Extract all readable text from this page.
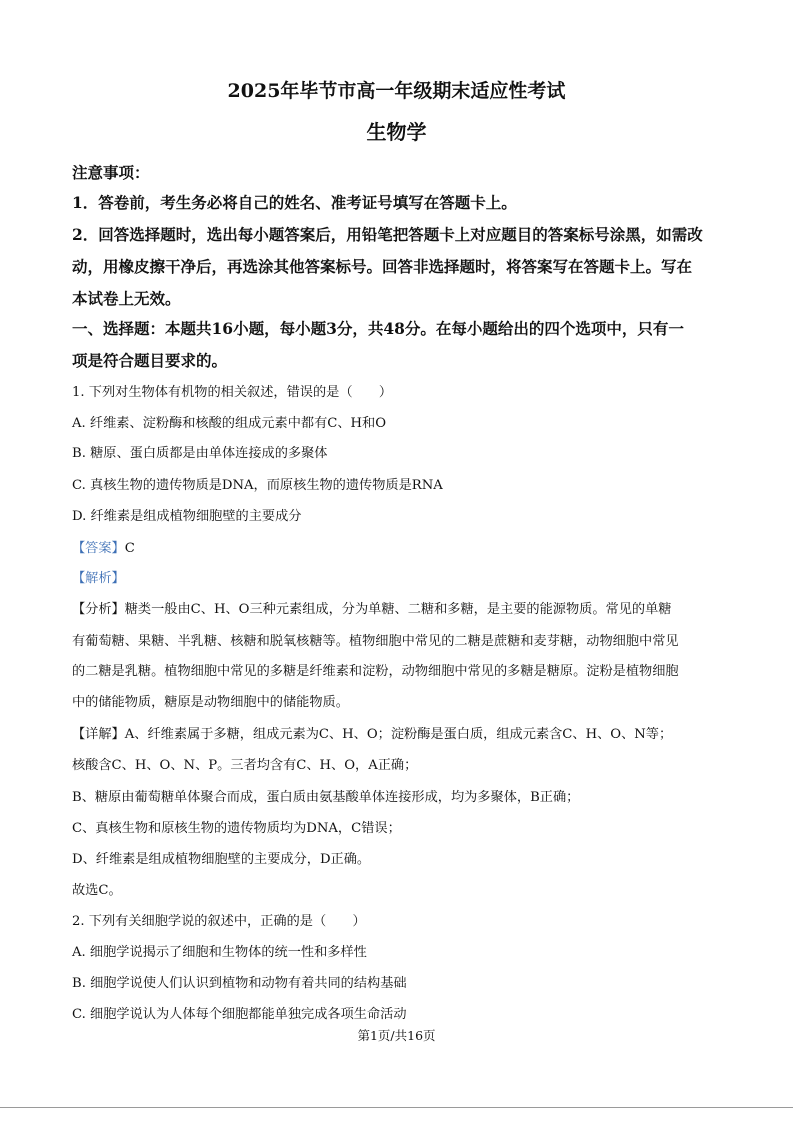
2025年毕节市高一年级期末适应性考试
生物学
注意事项：
1．答卷前，考生务必将自己的姓名、准考证号填写在答题卡上。
2．回答选择题时，选出每小题答案后，用铅笔把答题卡上对应题目的答案标号涂黑，如需改
动，用橡皮擦干净后，再选涂其他答案标号。回答非选择题时，将答案写在答题卡上。写在
本试卷上无效。
一、选择题：本题共16小题，每小题3分，共48分。在每小题给出的四个选项中，只有一
项是符合题目要求的。
1. 下列对生物体有机物的相关叙述，错误的是（　　）
A. 纤维素、淀粉酶和核酸的组成元素中都有C、H和O
B. 糖原、蛋白质都是由单体连接成的多聚体
C. 真核生物的遗传物质是DNA，而原核生物的遗传物质是RNA
D. 纤维素是组成植物细胞壁的主要成分
【答案】C
【解析】
【分析】糖类一般由C、H、O三种元素组成，分为单糖、二糖和多糖，是主要的能源物质。常见的单糖
有葡萄糖、果糖、半乳糖、核糖和脱氧核糖等。植物细胞中常见的二糖是蔗糖和麦芽糖，动物细胞中常见
的二糖是乳糖。植物细胞中常见的多糖是纤维素和淀粉，动物细胞中常见的多糖是糖原。淀粉是植物细胞
中的储能物质，糖原是动物细胞中的储能物质。
【详解】A、纤维素属于多糖，组成元素为C、H、O；淀粉酶是蛋白质，组成元素含C、H、O、N等；
核酸含C、H、O、N、P。三者均含有C、H、O，A正确；
B、糖原由葡萄糖单体聚合而成，蛋白质由氨基酸单体连接形成，均为多聚体，B正确；
C、真核生物和原核生物的遗传物质均为DNA，C错误；
D、纤维素是组成植物细胞壁的主要成分，D正确。
故选C。
2. 下列有关细胞学说的叙述中，正确的是（　　）
A. 细胞学说揭示了细胞和生物体的统一性和多样性
B. 细胞学说使人们认识到植物和动物有着共同的结构基础
C. 细胞学说认为人体每个细胞都能单独完成各项生命活动
第1页/共16页
